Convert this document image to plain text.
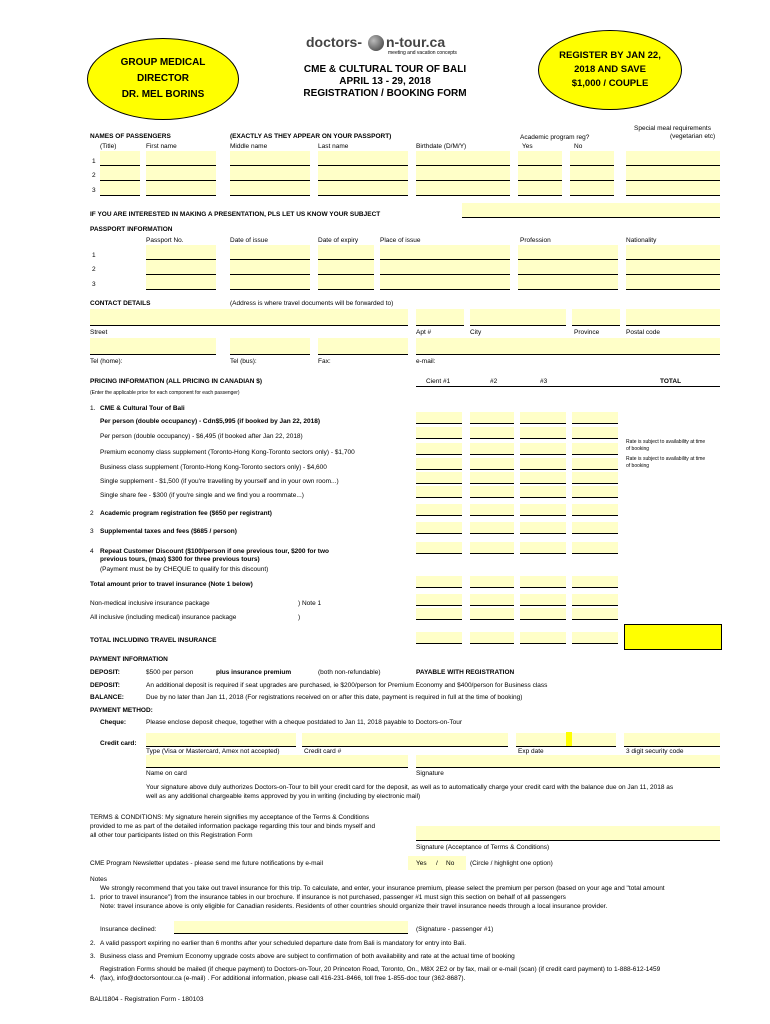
GROUP MEDICAL
DIRECTOR
DR. MEL BORINS
doctors- n-tour.ca
meeting and vacation concepts
CME & CULTURAL TOUR OF BALI
APRIL 13 - 29, 2018
REGISTRATION / BOOKING FORM
REGISTER BY JAN 22,
2018 AND SAVE
$1,000 / COUPLE
NAMES OF PASSENGERS	(EXACTLY AS THEY APPEAR ON YOUR PASSPORT)	Academic program reg?
Special meal requirements
(vegetarian etc)
(Title)	First name	Middle name	Last name	Birthdate (D/M/Y)	Yes	No
1
2
3
IF YOU ARE INTERESTED IN MAKING A PRESENTATION, PLS LET US KNOW YOUR SUBJECT
PASSPORT INFORMATION
Passport No.	Date of issue	Date of expiry	Place of issue	Profession	Nationality
1
2
3
CONTACT DETAILS	(Address is where travel documents will be forwarded to)
Street	Apt #	City	Province	Postal code
Tel (home):	Tel (bus):	Fax:	e-mail:
PRICING INFORMATION (ALL PRICING IN CANADIAN $)
(Enter the applicable price for each component for each passenger)
Cient #1	#2	#3	TOTAL
1. CME & Cultural Tour of Bali
Per person (double occupancy) - Cdn$5,995 (if booked by Jan 22, 2018)
Per person (double occupancy) - $6,495 (if booked after Jan 22, 2018)
Premium economy class supplement (Toronto-Hong Kong-Toronto sectors only) - $1,700
Business class supplement (Toronto-Hong Kong-Toronto sectors only) - $4,600
Single supplement - $1,500 (if you're travelling by yourself and in your own room...)
Single share fee - $300 (if you're single and we find you a roommate...)
Rate is subject to availability at time
of booking
Rate is subject to availability at time
of booking
2 Academic program registration fee ($650 per registrant)
3 Supplemental taxes and fees ($685 / person)
4 Repeat Customer Discount ($100/person if one previous tour, $200 for two
previous tours, (max) $300 for three previous tours)
(Payment must be by CHEQUE to qualify for this discount)
Total amount prior to travel insurance (Note 1 below)
Non-medical inclusive insurance package	) Note 1
All inclusive (including medical) insurance package	)
TOTAL INCLUDING TRAVEL INSURANCE
PAYMENT INFORMATION
DEPOSIT:	$500 per person	plus insurance premium	(both non-refundable)	PAYABLE WITH REGISTRATION
DEPOSIT:	An additional deposit is required if seat upgrades are purchased, ie $200/person for Premium Economy and $400/person for Business class
BALANCE:	Due by no later than Jan 11, 2018 (For registrations received on or after this date, payment is required in full at the time of booking)
PAYMENT METHOD:
Cheque:	Please enclose deposit cheque, together with a cheque postdated to Jan 11, 2018 payable to Doctors-on-Tour
Credit card:
Type (Visa or Mastercard, Amex not accepted)	Credit card #	Exp date	3 digit security code
Name on card	Signature
Your signature above duly authorizes Doctors-on-Tour to bill your credit card for the deposit, as well as to automatically charge your credit card with the balance due on Jan 11, 2018 as
well as any additional chargeable items approved by you in writing (including by electronic mail)
TERMS & CONDITIONS: My signature herein signifies my acceptance of the Terms & Conditions
provided to me as part of the detailed information package regarding this tour and binds myself and
all other tour participants listed on this Registration Form
Signature (Acceptance of Terms & Conditions)
CME Program Newsletter updates - please send me future notifications by e-mail	Yes / No (Circle / highlight one option)
Notes
1.
We strongly recommend that you take out travel insurance for this trip. To calculate, and enter, your insurance premium, please select the premium per person (based on your age and "total amount
prior to travel insurance") from the insurance tables in our brochure. If insurance is not purchased, passenger #1 must sign this section on behalf of all passengers
Note: travel insurance above is only eligible for Canadian residents. Residents of other countries should organize their travel insurance needs through a local insurance provider.
Insurance declined:	(Signature - passenger #1)
2. A valid passport expiring no earlier than 6 months after your scheduled departure date from Bali is mandatory for entry into Bali.
3. Business class and Premium Economy upgrade costs above are subject to confirmation of both availability and rate at the actual time of booking
4.
Registration Forms should be mailed (if cheque payment) to Doctors-on-Tour, 20 Princeton Road, Toronto, On., M8X 2E2 or by fax, mail or e-mail (scan) (if credit card payment) to 1-888-612-1459
(fax), info@doctorsontour.ca (e-mail) . For additional information, please call 416-231-8466, toll free 1-855-doc tour (362-8687).
BALI1804 - Registration Form - 180103
